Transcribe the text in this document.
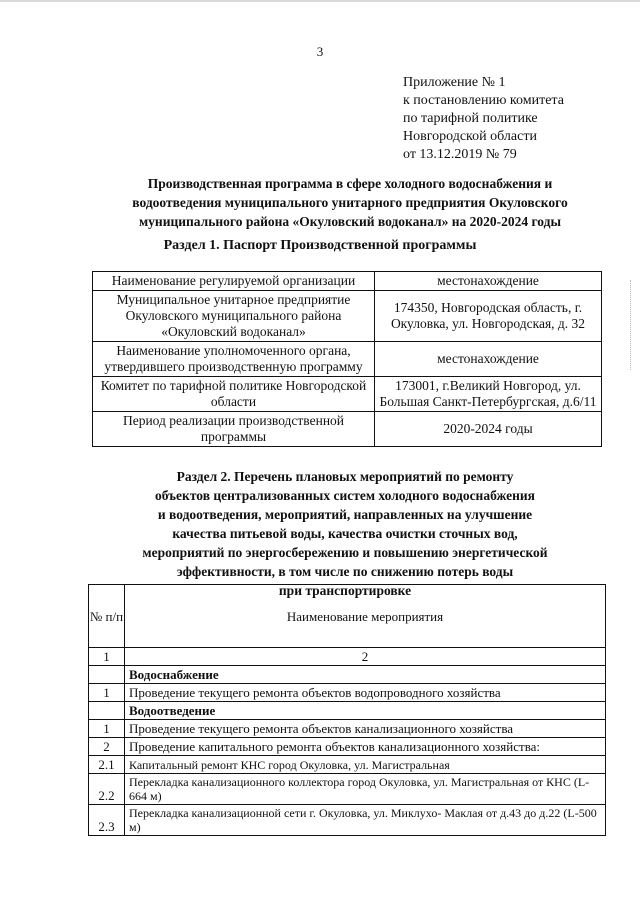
3
Приложение № 1
к постановлению комитета
по тарифной политике
Новгородской области
от 13.12.2019 № 79
Производственная программа в сфере холодного водоснабжения и
водоотведения муниципального унитарного предприятия Окуловского
муниципального района «Окуловский водоканал» на 2020-2024 годы
Раздел 1. Паспорт Производственной программы
Наименование регулируемой организации	местонахождение
Муниципальное унитарное предприятие Окуловского муниципального района «Окуловский водоканал»	174350, Новгородская область, г. Окуловка, ул. Новгородская, д. 32
Наименование уполномоченного органа, утвердившего производственную программу	местонахождение
Комитет по тарифной политике Новгородской области	173001, г.Великий Новгород, ул. Большая Санкт-Петербургская, д.6/11
Период реализации производственной программы	2020-2024 годы
Раздел 2. Перечень плановых мероприятий по ремонту
объектов централизованных систем холодного водоснабжения
и водоотведения, мероприятий, направленных на улучшение
качества питьевой воды, качества очистки сточных вод,
мероприятий по энергосбережению и повышению энергетической
эффективности, в том числе по снижению потерь воды
при транспортировке
№ п/п	Наименование мероприятия
1	2
	Водоснабжение
1	Проведение текущего ремонта объектов водопроводного хозяйства
	Водоотведение
1	Проведение текущего ремонта объектов канализационного хозяйства
2	Проведение капитального ремонта объектов канализационного хозяйства:
2.1	Капитальный ремонт КНС город Окуловка, ул. Магистральная
2.2	Перекладка канализационного коллектора город Окуловка, ул. Магистральная от КНС (L-664 м)
2.3	Перекладка канализационной сети г. Окуловка, ул. Миклухо- Маклая от д.43 до д.22 (L-500 м)
